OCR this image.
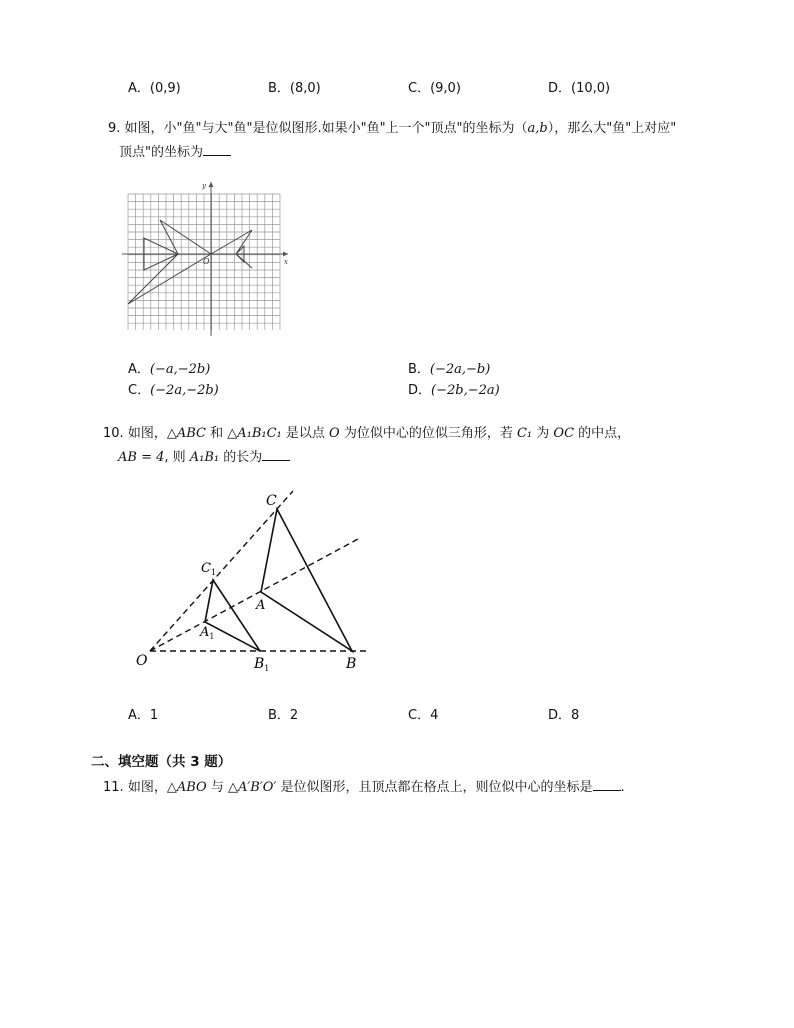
A．(0,9)	B．(8,0)	C．(9,0)	D．(10,0)
9. 如图，小"鱼"与大"鱼"是位似图形.如果小"鱼"上一个"顶点"的坐标为（a,b），那么大"鱼"上对应"
顶点"的坐标为
y
x
O
A．(−a,−2b)	B．(−2a,−b)
C．(−2a,−2b)	D．(−2b,−2a)
10. 如图，△ABC 和 △A₁B₁C₁ 是以点 O 为位似中心的位似三角形，若 C₁ 为 OC 的中点，
AB = 4, 则 A₁B₁ 的长为
C
A
B
O
$C_1$
$A_1$
$B_1$
A．1	B．2	C．4	D．8
二、填空题（共 3 题）
11. 如图，△ABO 与 △A′B′O′ 是位似图形，且顶点都在格点上，则位似中心的坐标是 .
